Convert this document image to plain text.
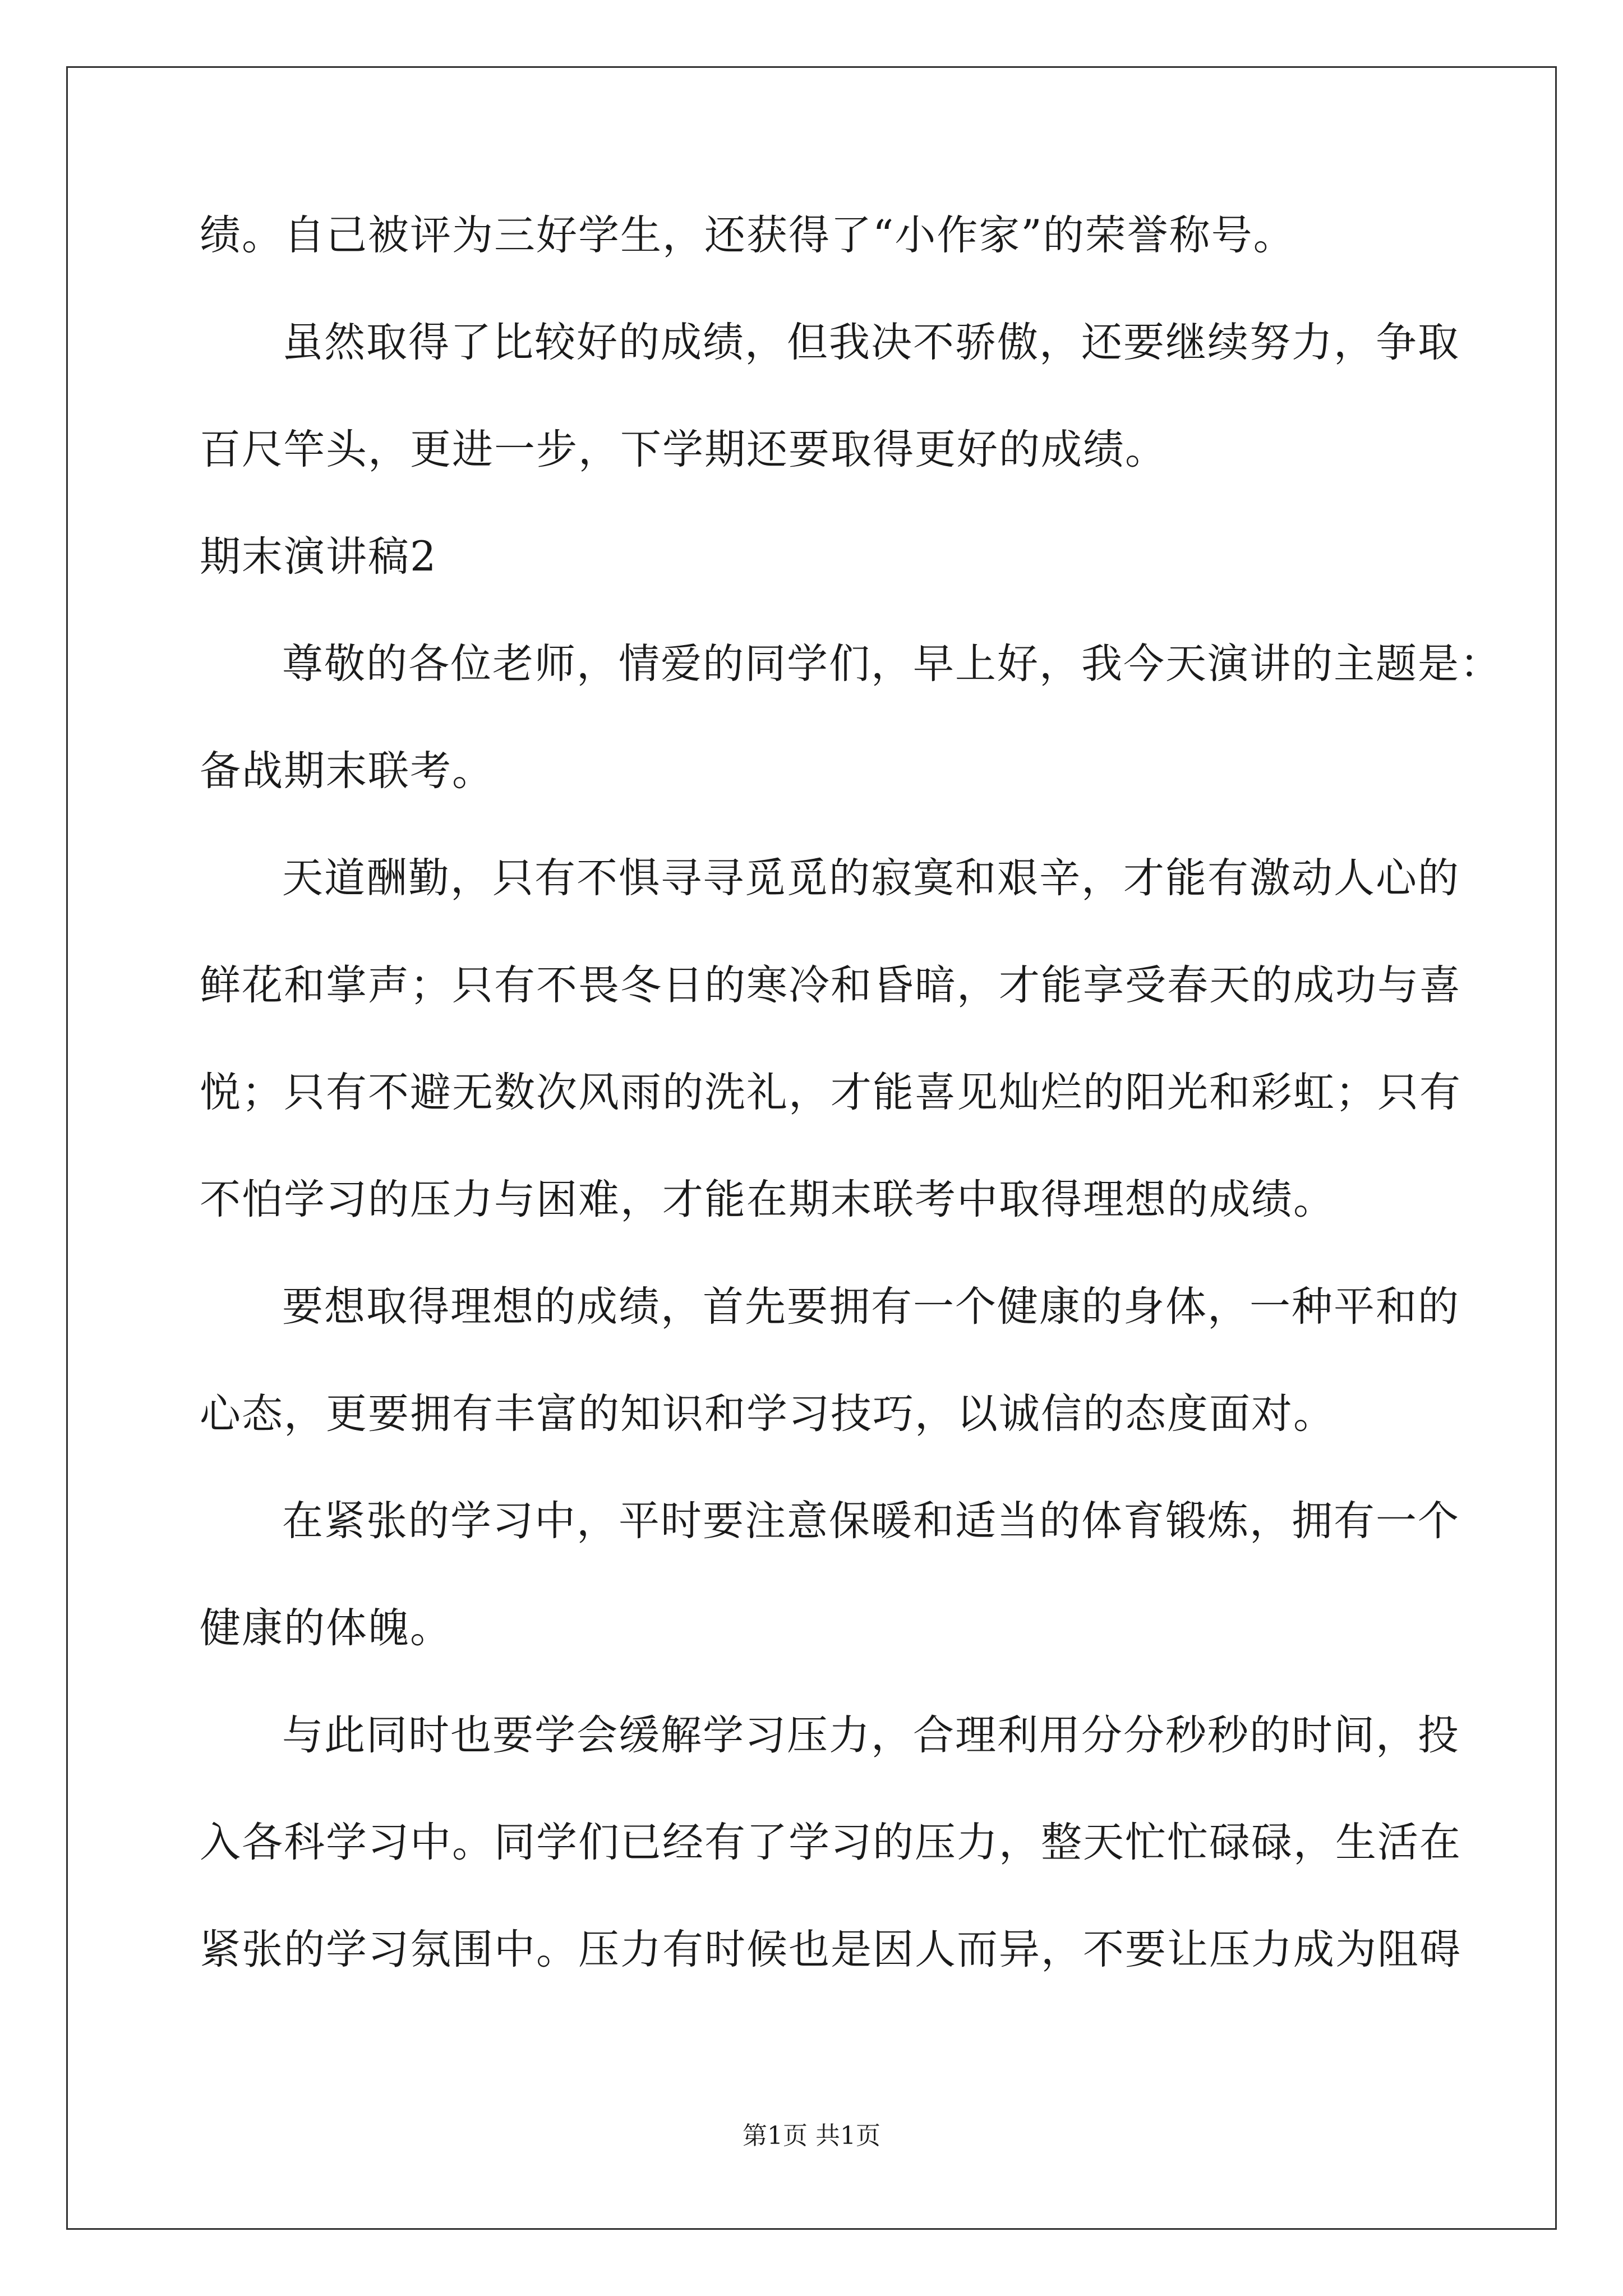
绩。自己被评为三好学生，还获得了“小作家”的荣誉称号。
虽然取得了比较好的成绩，但我决不骄傲，还要继续努力，争取
百尺竿头，更进一步，下学期还要取得更好的成绩。
期末演讲稿2
尊敬的各位老师，情爱的同学们，早上好，我今天演讲的主题是：
备战期末联考。
天道酬勤，只有不惧寻寻觅觅的寂寞和艰辛，才能有激动人心的
鲜花和掌声；只有不畏冬日的寒冷和昏暗，才能享受春天的成功与喜
悦；只有不避无数次风雨的洗礼，才能喜见灿烂的阳光和彩虹；只有
不怕学习的压力与困难，才能在期末联考中取得理想的成绩。
要想取得理想的成绩，首先要拥有一个健康的身体，一种平和的
心态，更要拥有丰富的知识和学习技巧，以诚信的态度面对。
在紧张的学习中，平时要注意保暖和适当的体育锻炼，拥有一个
健康的体魄。
与此同时也要学会缓解学习压力，合理利用分分秒秒的时间，投
入各科学习中。同学们已经有了学习的压力，整天忙忙碌碌，生活在
紧张的学习氛围中。压力有时候也是因人而异，不要让压力成为阻碍
第1页 共1页
